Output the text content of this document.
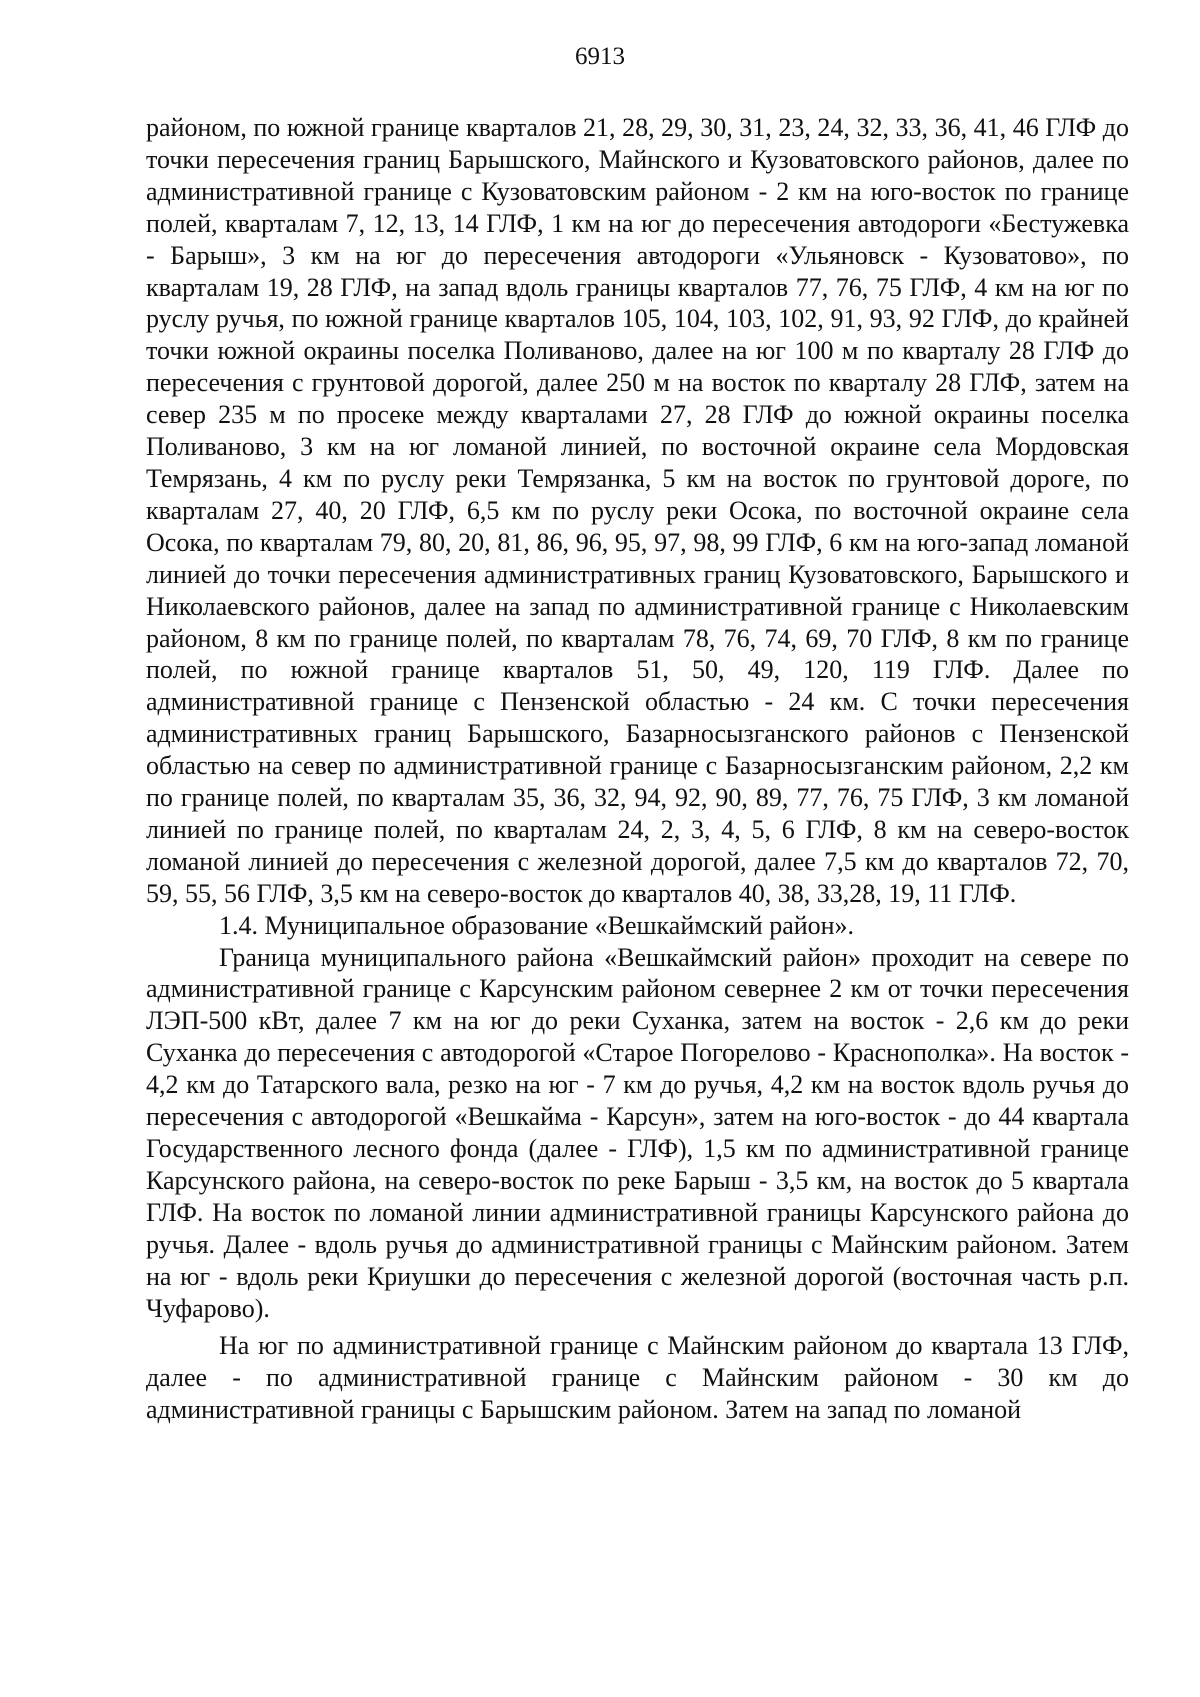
6913

районом, по южной границе кварталов 21, 28, 29, 30, 31, 23, 24, 32, 33, 36, 41, 46 ГЛФ до точки пересечения границ Барышского, Майнского и Кузоватовского районов, далее по административной границе с Кузоватовским районом - 2 км на юго-восток по границе полей, кварталам 7, 12, 13, 14 ГЛФ, 1 км на юг до пересечения автодороги «Бестужевка - Барыш», 3 км на юг до пересечения автодороги «Ульяновск - Кузоватово», по кварталам 19, 28 ГЛФ, на запад вдоль границы кварталов 77, 76, 75 ГЛФ, 4 км на юг по руслу ручья, по южной границе кварталов 105, 104, 103, 102, 91, 93, 92 ГЛФ, до крайней точки южной окраины поселка Поливаново, далее на юг 100 м по кварталу 28 ГЛФ до пересечения с грунтовой дорогой, далее 250 м на восток по кварталу 28 ГЛФ, затем на север 235 м по просеке между кварталами 27, 28 ГЛФ до южной окраины поселка Поливаново, 3 км на юг ломаной линией, по восточной окраине села Мордовская Темрязань, 4 км по руслу реки Темрязанка, 5 км на восток по грунтовой дороге, по кварталам 27, 40, 20 ГЛФ, 6,5 км по руслу реки Осока, по восточной окраине села Осока, по кварталам 79, 80, 20, 81, 86, 96, 95, 97, 98, 99 ГЛФ, 6 км на юго-запад ломаной линией до точки пересечения административных границ Кузоватовского, Барышского и Николаевского районов, далее на запад по административной границе с Николаевским районом, 8 км по границе полей, по кварталам 78, 76, 74, 69, 70 ГЛФ, 8 км по границе полей, по южной границе кварталов 51, 50, 49, 120, 119 ГЛФ. Далее по административной границе с Пензенской областью - 24 км. С точки пересечения административных границ Барышского, Базарносызганского районов с Пензенской областью на север по административной границе с Базарносызганским районом, 2,2 км по границе полей, по кварталам 35, 36, 32, 94, 92, 90, 89, 77, 76, 75 ГЛФ, 3 км ломаной линией по границе полей, по кварталам 24, 2, 3, 4, 5, 6 ГЛФ, 8 км на северо-восток ломаной линией до пересечения с железной дорогой, далее 7,5 км до кварталов 72, 70, 59, 55, 56 ГЛФ, 3,5 км на северо-восток до кварталов 40, 38, 33,28, 19, 11 ГЛФ.

1.4. Муниципальное образование «Вешкаймский район».

Граница муниципального района «Вешкаймский район» проходит на севере по административной границе с Карсунским районом севернее 2 км от точки пересечения ЛЭП-500 кВт, далее 7 км на юг до реки Суханка, затем на восток - 2,6 км до реки Суханка до пересечения с автодорогой «Старое Погорелово - Краснополка». На восток - 4,2 км до Татарского вала, резко на юг - 7 км до ручья, 4,2 км на восток вдоль ручья до пересечения с автодорогой «Вешкайма - Карсун», затем на юго-восток - до 44 квартала Государственного лесного фонда (далее - ГЛФ), 1,5 км по административной границе Карсунского района, на северо-восток по реке Барыш - 3,5 км, на восток до 5 квартала ГЛФ. На восток по ломаной линии административной границы Карсунского района до ручья. Далее - вдоль ручья до административной границы с Майнским районом. Затем на юг - вдоль реки Криушки до пересечения с железной дорогой (восточная часть р.п. Чуфарово).

На юг по административной границе с Майнским районом до квартала 13 ГЛФ, далее - по административной границе с Майнским районом - 30 км до административной границы с Барышским районом. Затем на запад по ломаной
